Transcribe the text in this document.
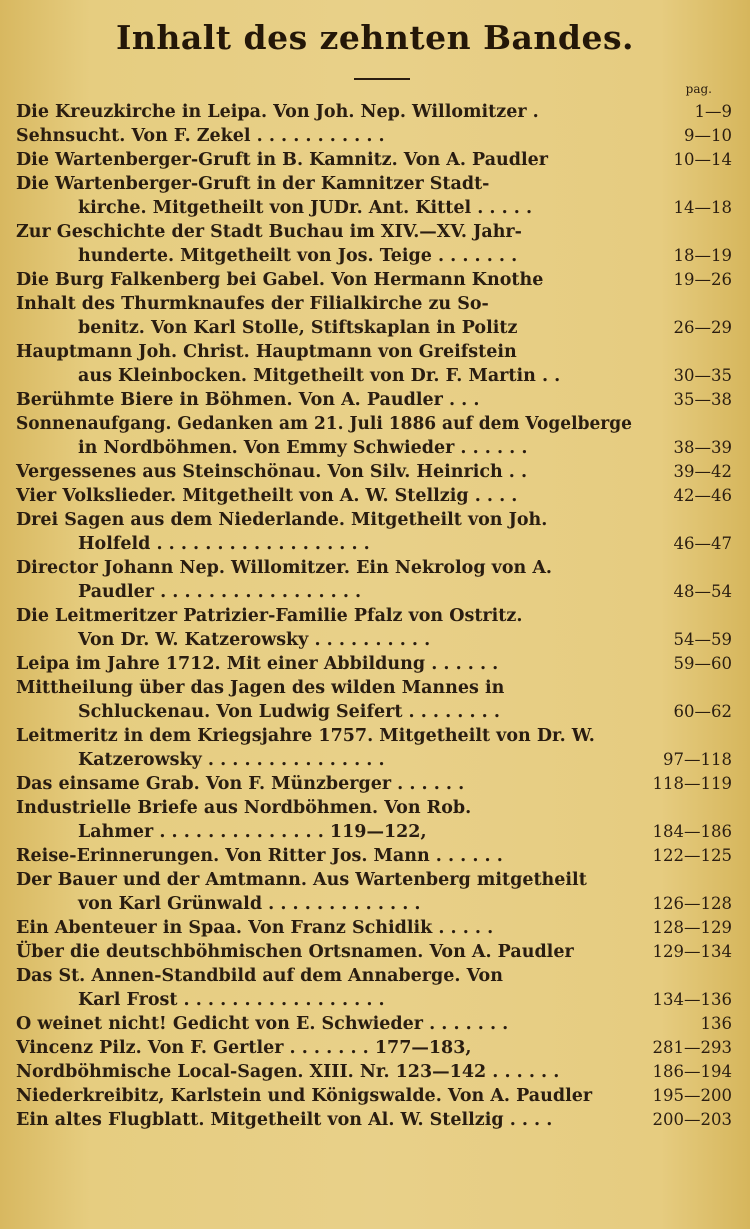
Inhalt des zehnten Bandes.
pag.
Die Kreuzkirche in Leipa. Von Joh. Nep. Willomitzer .	1—9
Sehnsucht. Von F. Zekel . . . . . . . . . . .	9—10
Die Wartenberger-Gruft in B. Kamnitz. Von A. Paudler	10—14
Die Wartenberger-Gruft in der Kamnitzer Stadt-
kirche. Mitgetheilt von JUDr. Ant. Kittel . . . . .	14—18
Zur Geschichte der Stadt Buchau im XIV.—XV. Jahr-
hunderte. Mitgetheilt von Jos. Teige . . . . . . .	18—19
Die Burg Falkenberg bei Gabel. Von Hermann Knothe	19—26
Inhalt des Thurmknaufes der Filialkirche zu So-
benitz. Von Karl Stolle, Stiftskaplan in Politz	26—29
Hauptmann Joh. Christ. Hauptmann von Greifstein
aus Kleinbocken. Mitgetheilt von Dr. F. Martin . .	30—35
Berühmte Biere in Böhmen. Von A. Paudler . . .	35—38
Sonnenaufgang. Gedanken am 21. Juli 1886 auf dem Vogelberge
in Nordböhmen. Von Emmy Schwieder . . . . . .	38—39
Vergessenes aus Steinschönau. Von Silv. Heinrich . .	39—42
Vier Volkslieder. Mitgetheilt von A. W. Stellzig . . . .	42—46
Drei Sagen aus dem Niederlande. Mitgetheilt von Joh.
Holfeld . . . . . . . . . . . . . . . . . .	46—47
Director Johann Nep. Willomitzer. Ein Nekrolog von A.
Paudler . . . . . . . . . . . . . . . . .	48—54
Die Leitmeritzer Patrizier-Familie Pfalz von Ostritz.
Von Dr. W. Katzerowsky . . . . . . . . . .	54—59
Leipa im Jahre 1712. Mit einer Abbildung . . . . . .	59—60
Mittheilung über das Jagen des wilden Mannes in
Schluckenau. Von Ludwig Seifert . . . . . . . .	60—62
Leitmeritz in dem Kriegsjahre 1757. Mitgetheilt von Dr. W.
Katzerowsky . . . . . . . . . . . . . . .	97—118
Das einsame Grab. Von F. Münzberger . . . . . .	118—119
Industrielle Briefe aus Nordböhmen. Von Rob.
Lahmer . . . . . . . . . . . . . . 119—122,	184—186
Reise-Erinnerungen. Von Ritter Jos. Mann . . . . . .	122—125
Der Bauer und der Amtmann. Aus Wartenberg mitgetheilt
von Karl Grünwald . . . . . . . . . . . . .	126—128
Ein Abenteuer in Spaa. Von Franz Schidlik . . . . .	128—129
Über die deutschböhmischen Ortsnamen. Von A. Paudler	129—134
Das St. Annen-Standbild auf dem Annaberge. Von
Karl Frost . . . . . . . . . . . . . . . . .	134—136
O weinet nicht! Gedicht von E. Schwieder . . . . . . .	136
Vincenz Pilz. Von F. Gertler . . . . . . . 177—183,	281—293
Nordböhmische Local-Sagen. XIII. Nr. 123—142 . . . . . .	186—194
Niederkreibitz, Karlstein und Königswalde. Von A. Paudler	195—200
Ein altes Flugblatt. Mitgetheilt von Al. W. Stellzig . . . .	200—203
